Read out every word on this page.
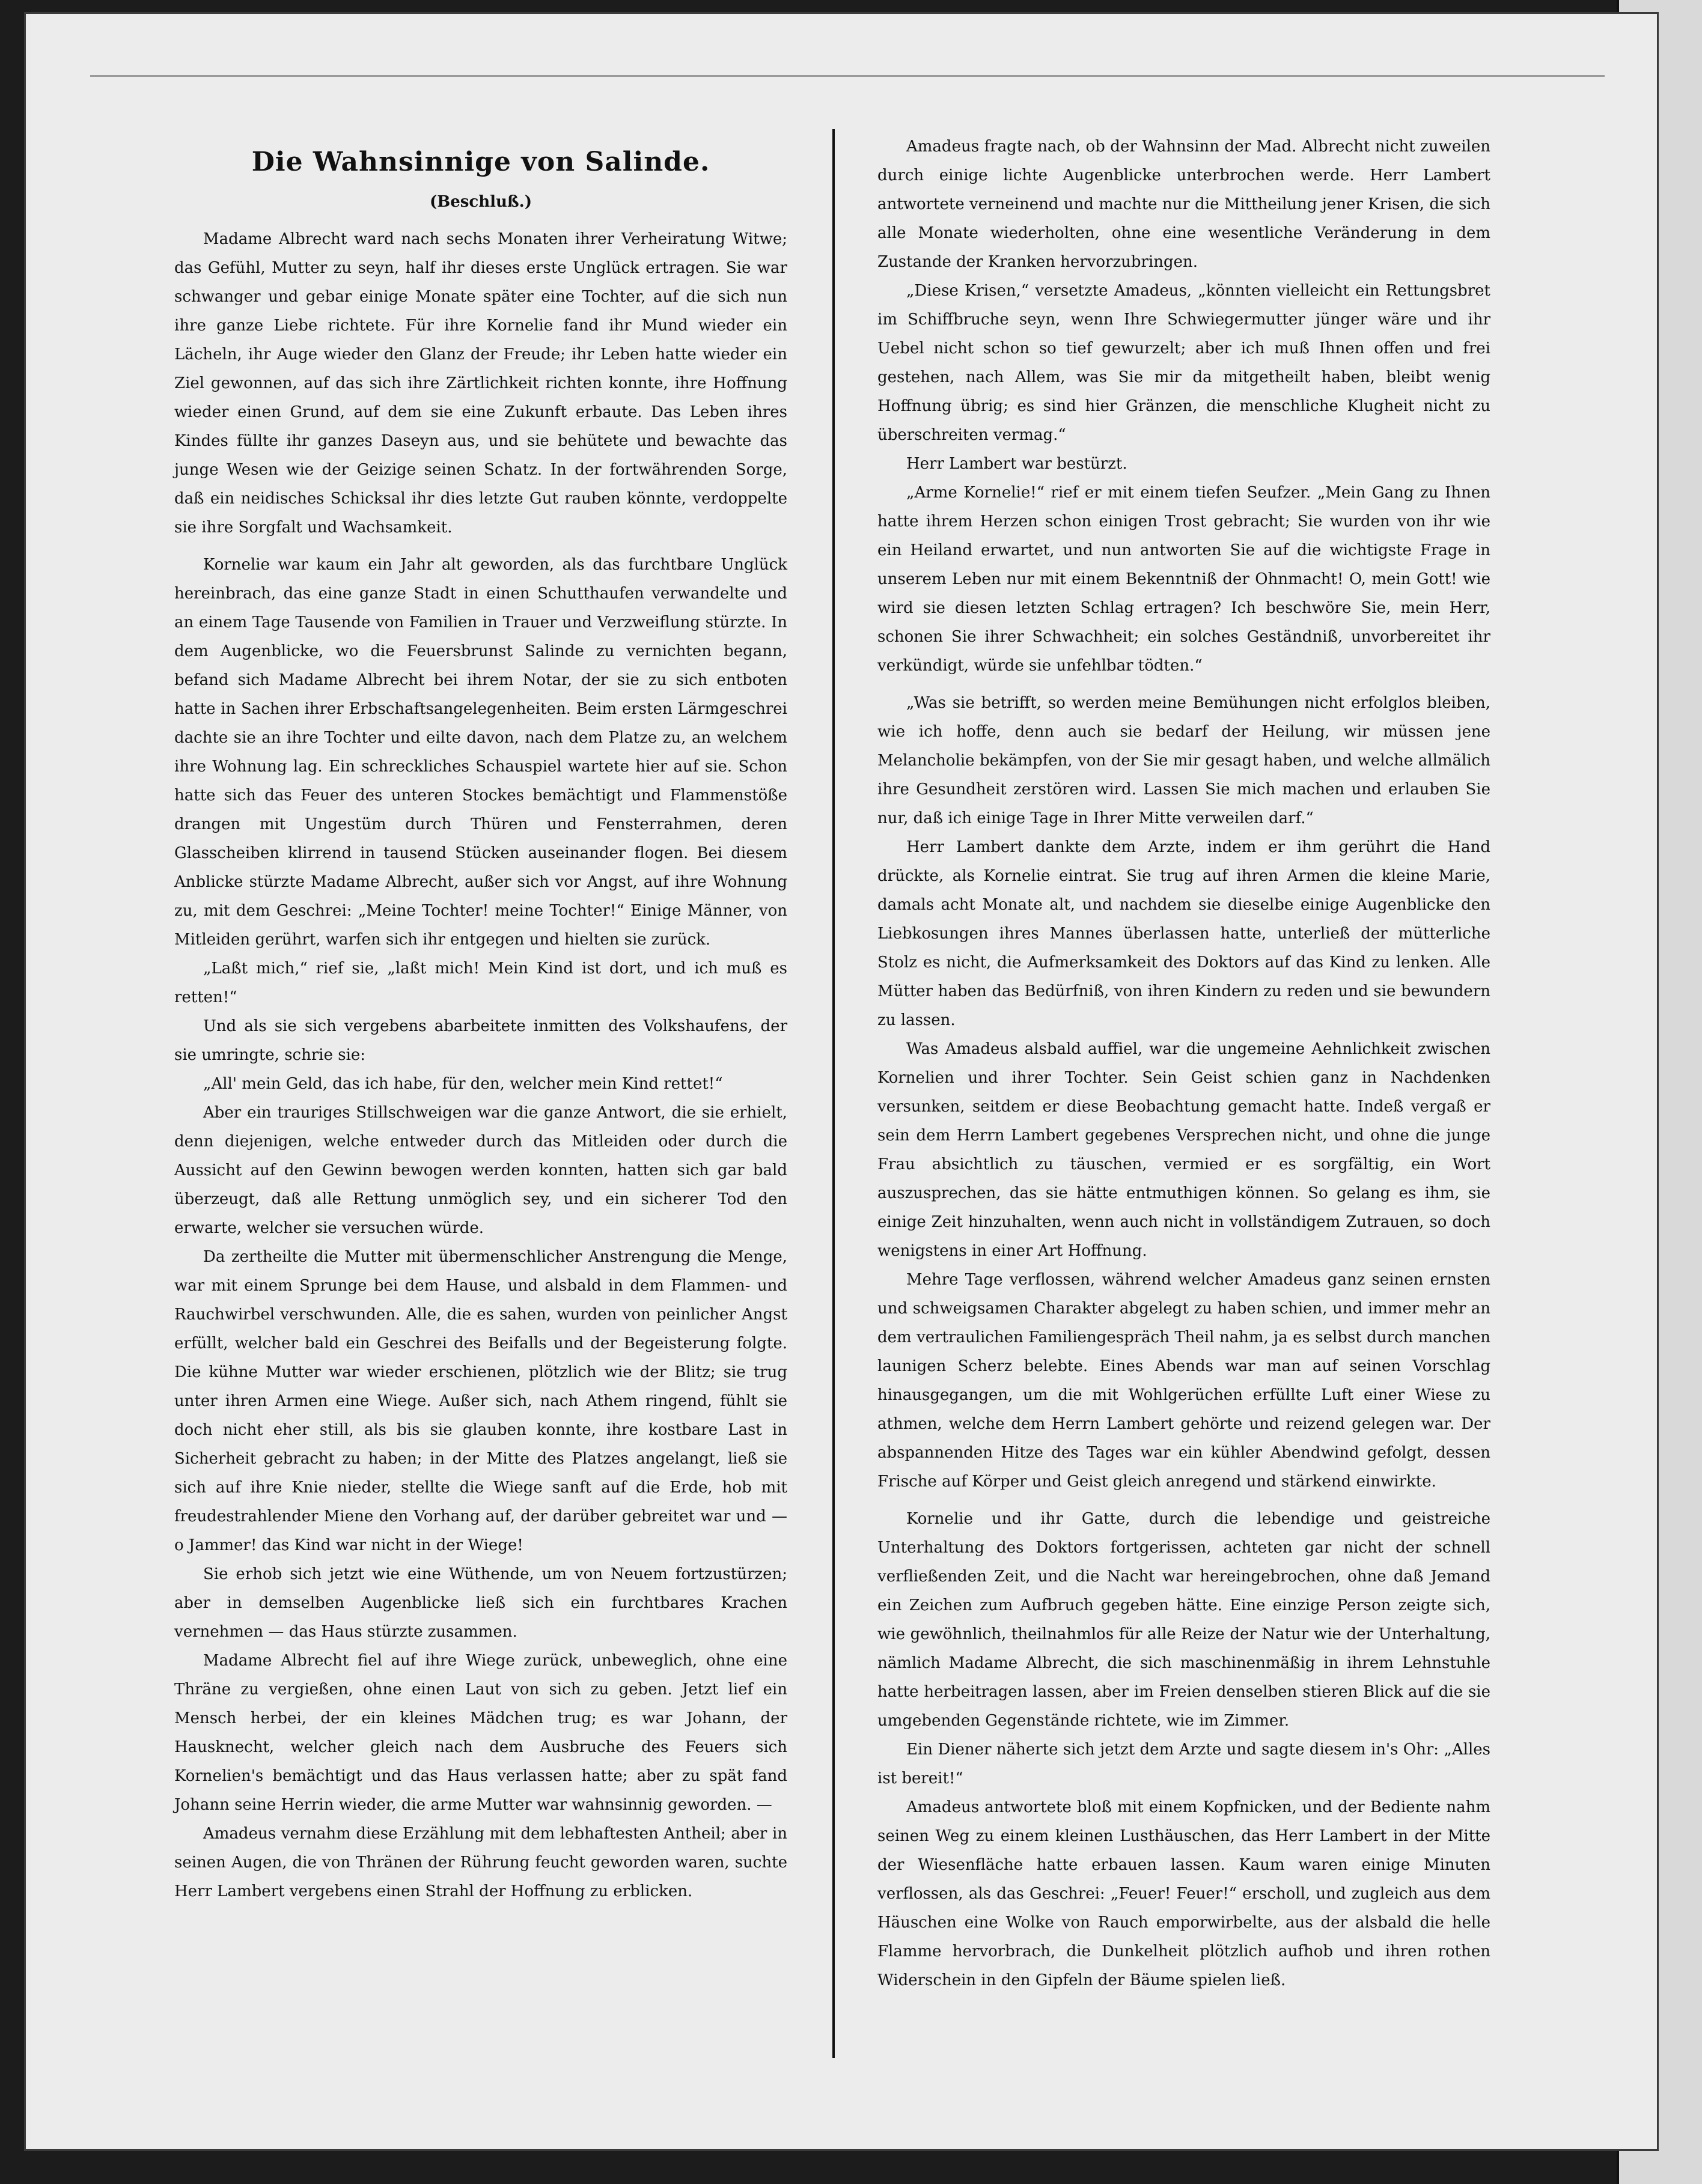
Die Wahnsinnige von Salinde.
(Beschluß.)

Madame Albrecht ward nach sechs Monaten ihrer Verheiratung Witwe; das Gefühl, Mutter zu seyn, half ihr dieses erste Unglück ertragen. Sie war schwanger und gebar einige Monate später eine Tochter, auf die sich nun ihre ganze Liebe richtete. Für ihre Kornelie fand ihr Mund wieder ein Lächeln, ihr Auge wieder den Glanz der Freude; ihr Leben hatte wieder ein Ziel gewonnen, auf das sich ihre Zärtlichkeit richten konnte, ihre Hoffnung wieder einen Grund, auf dem sie eine Zukunft erbaute. Das Leben ihres Kindes füllte ihr ganzes Daseyn aus, und sie behütete und bewachte das junge Wesen wie der Geizige seinen Schatz. In der fortwährenden Sorge, daß ein neidisches Schicksal ihr dies letzte Gut rauben könnte, verdoppelte sie ihre Sorgfalt und Wachsamkeit.

Kornelie war kaum ein Jahr alt geworden, als das furchtbare Unglück hereinbrach, das eine ganze Stadt in einen Schutthaufen verwandelte und an einem Tage Tausende von Familien in Trauer und Verzweiflung stürzte. In dem Augenblicke, wo die Feuersbrunst Salinde zu vernichten begann, befand sich Madame Albrecht bei ihrem Notar, der sie zu sich entboten hatte in Sachen ihrer Erbschaftsangelegenheiten. Beim ersten Lärmgeschrei dachte sie an ihre Tochter und eilte davon, nach dem Platze zu, an welchem ihre Wohnung lag. Ein schreckliches Schauspiel wartete hier auf sie. Schon hatte sich das Feuer des unteren Stockes bemächtigt und Flammenstöße drangen mit Ungestüm durch Thüren und Fensterrahmen, deren Glasscheiben klirrend in tausend Stücken auseinander flogen. Bei diesem Anblicke stürzte Madame Albrecht, außer sich vor Angst, auf ihre Wohnung zu, mit dem Geschrei: „Meine Tochter! meine Tochter!“ Einige Männer, von Mitleiden gerührt, warfen sich ihr entgegen und hielten sie zurück.

„Laßt mich,“ rief sie, „laßt mich! Mein Kind ist dort, und ich muß es retten!“

Und als sie sich vergebens abarbeitete inmitten des Volkshaufens, der sie umringte, schrie sie:

„All' mein Geld, das ich habe, für den, welcher mein Kind rettet!“

Aber ein trauriges Stillschweigen war die ganze Antwort, die sie erhielt, denn diejenigen, welche entweder durch das Mitleiden oder durch die Aussicht auf den Gewinn bewogen werden konnten, hatten sich gar bald überzeugt, daß alle Rettung unmöglich sey, und ein sicherer Tod den erwarte, welcher sie versuchen würde.

Da zertheilte die Mutter mit übermenschlicher Anstrengung die Menge, war mit einem Sprunge bei dem Hause, und alsbald in dem Flammen- und Rauchwirbel verschwunden. Alle, die es sahen, wurden von peinlicher Angst erfüllt, welcher bald ein Geschrei des Beifalls und der Begeisterung folgte. Die kühne Mutter war wieder erschienen, plötzlich wie der Blitz; sie trug unter ihren Armen eine Wiege. Außer sich, nach Athem ringend, fühlt sie doch nicht eher still, als bis sie glauben konnte, ihre kostbare Last in Sicherheit gebracht zu haben; in der Mitte des Platzes angelangt, ließ sie sich auf ihre Knie nieder, stellte die Wiege sanft auf die Erde, hob mit freudestrahlender Miene den Vorhang auf, der darüber gebreitet war und — o Jammer! das Kind war nicht in der Wiege!

Sie erhob sich jetzt wie eine Wüthende, um von Neuem fortzustürzen; aber in demselben Augenblicke ließ sich ein furchtbares Krachen vernehmen — das Haus stürzte zusammen.

Madame Albrecht fiel auf ihre Wiege zurück, unbeweglich, ohne eine Thräne zu vergießen, ohne einen Laut von sich zu geben. Jetzt lief ein Mensch herbei, der ein kleines Mädchen trug; es war Johann, der Hausknecht, welcher gleich nach dem Ausbruche des Feuers sich Kornelien's bemächtigt und das Haus verlassen hatte; aber zu spät fand Johann seine Herrin wieder, die arme Mutter war wahnsinnig geworden. —

Amadeus vernahm diese Erzählung mit dem lebhaftesten Antheil; aber in seinen Augen, die von Thränen der Rührung feucht geworden waren, suchte Herr Lambert vergebens einen Strahl der Hoffnung zu erblicken.

Amadeus fragte nach, ob der Wahnsinn der Mad. Albrecht nicht zuweilen durch einige lichte Augenblicke unterbrochen werde. Herr Lambert antwortete verneinend und machte nur die Mittheilung jener Krisen, die sich alle Monate wiederholten, ohne eine wesentliche Veränderung in dem Zustande der Kranken hervorzubringen.

„Diese Krisen,“ versetzte Amadeus, „könnten vielleicht ein Rettungsbret im Schiffbruche seyn, wenn Ihre Schwiegermutter jünger wäre und ihr Uebel nicht schon so tief gewurzelt; aber ich muß Ihnen offen und frei gestehen, nach Allem, was Sie mir da mitgetheilt haben, bleibt wenig Hoffnung übrig; es sind hier Gränzen, die menschliche Klugheit nicht zu überschreiten vermag.“

Herr Lambert war bestürzt.

„Arme Kornelie!“ rief er mit einem tiefen Seufzer. „Mein Gang zu Ihnen hatte ihrem Herzen schon einigen Trost gebracht; Sie wurden von ihr wie ein Heiland erwartet, und nun antworten Sie auf die wichtigste Frage in unserem Leben nur mit einem Bekenntniß der Ohnmacht! O, mein Gott! wie wird sie diesen letzten Schlag ertragen? Ich beschwöre Sie, mein Herr, schonen Sie ihrer Schwachheit; ein solches Geständniß, unvorbereitet ihr verkündigt, würde sie unfehlbar tödten.“

„Was sie betrifft, so werden meine Bemühungen nicht erfolglos bleiben, wie ich hoffe, denn auch sie bedarf der Heilung, wir müssen jene Melancholie bekämpfen, von der Sie mir gesagt haben, und welche allmälich ihre Gesundheit zerstören wird. Lassen Sie mich machen und erlauben Sie nur, daß ich einige Tage in Ihrer Mitte verweilen darf.“

Herr Lambert dankte dem Arzte, indem er ihm gerührt die Hand drückte, als Kornelie eintrat. Sie trug auf ihren Armen die kleine Marie, damals acht Monate alt, und nachdem sie dieselbe einige Augenblicke den Liebkosungen ihres Mannes überlassen hatte, unterließ der mütterliche Stolz es nicht, die Aufmerksamkeit des Doktors auf das Kind zu lenken. Alle Mütter haben das Bedürfniß, von ihren Kindern zu reden und sie bewundern zu lassen.

Was Amadeus alsbald auffiel, war die ungemeine Aehnlichkeit zwischen Kornelien und ihrer Tochter. Sein Geist schien ganz in Nachdenken versunken, seitdem er diese Beobachtung gemacht hatte. Indeß vergaß er sein dem Herrn Lambert gegebenes Versprechen nicht, und ohne die junge Frau absichtlich zu täuschen, vermied er es sorgfältig, ein Wort auszusprechen, das sie hätte entmuthigen können. So gelang es ihm, sie einige Zeit hinzuhalten, wenn auch nicht in vollständigem Zutrauen, so doch wenigstens in einer Art Hoffnung.

Mehre Tage verflossen, während welcher Amadeus ganz seinen ernsten und schweigsamen Charakter abgelegt zu haben schien, und immer mehr an dem vertraulichen Familiengespräch Theil nahm, ja es selbst durch manchen launigen Scherz belebte. Eines Abends war man auf seinen Vorschlag hinausgegangen, um die mit Wohlgerüchen erfüllte Luft einer Wiese zu athmen, welche dem Herrn Lambert gehörte und reizend gelegen war. Der abspannenden Hitze des Tages war ein kühler Abendwind gefolgt, dessen Frische auf Körper und Geist gleich anregend und stärkend einwirkte.

Kornelie und ihr Gatte, durch die lebendige und geistreiche Unterhaltung des Doktors fortgerissen, achteten gar nicht der schnell verfließenden Zeit, und die Nacht war hereingebrochen, ohne daß Jemand ein Zeichen zum Aufbruch gegeben hätte. Eine einzige Person zeigte sich, wie gewöhnlich, theilnahmlos für alle Reize der Natur wie der Unterhaltung, nämlich Madame Albrecht, die sich maschinenmäßig in ihrem Lehnstuhle hatte herbeitragen lassen, aber im Freien denselben stieren Blick auf die sie umgebenden Gegenstände richtete, wie im Zimmer.

Ein Diener näherte sich jetzt dem Arzte und sagte diesem in's Ohr: „Alles ist bereit!“

Amadeus antwortete bloß mit einem Kopfnicken, und der Bediente nahm seinen Weg zu einem kleinen Lusthäuschen, das Herr Lambert in der Mitte der Wiesenfläche hatte erbauen lassen. Kaum waren einige Minuten verflossen, als das Geschrei: „Feuer! Feuer!“ erscholl, und zugleich aus dem Häuschen eine Wolke von Rauch emporwirbelte, aus der alsbald die helle Flamme hervorbrach, die Dunkelheit plötzlich aufhob und ihren rothen Widerschein in den Gipfeln der Bäume spielen ließ.
